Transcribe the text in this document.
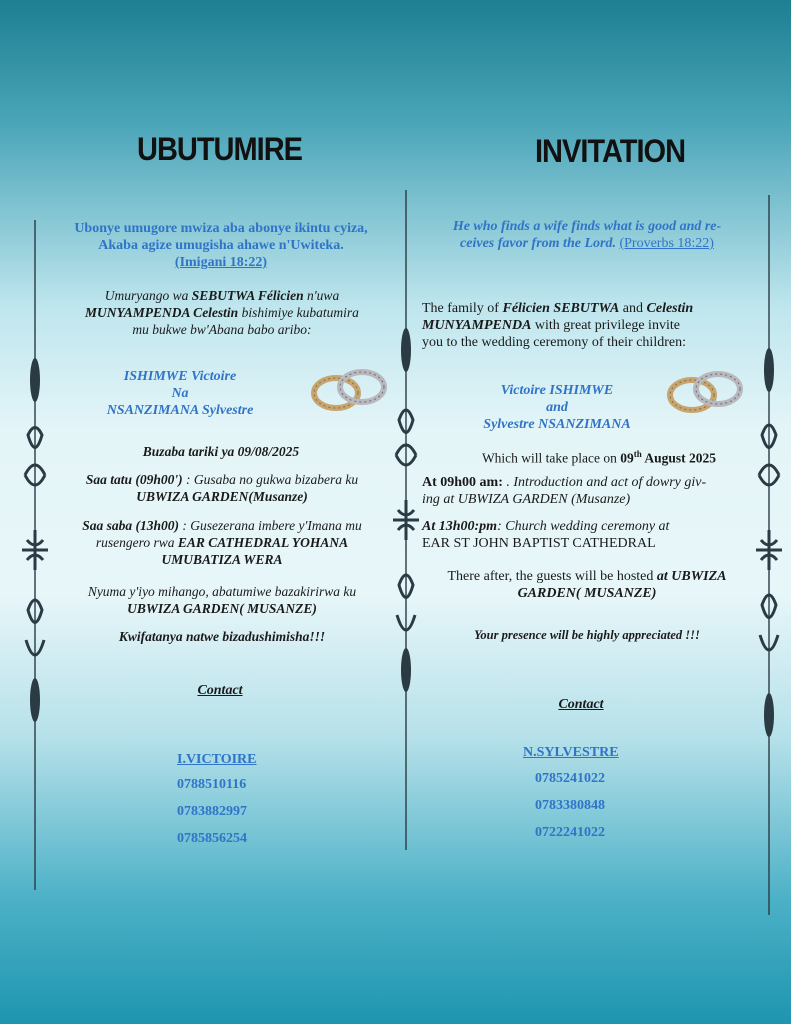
UBUTUMIRE
Ubonye umugore mwiza aba abonye ikintu cyiza,
Akaba agize umugisha ahawe n'Uwiteka.
(Imigani 18:22)
Umuryango wa SEBUTWA Félicien n'uwa
MUNYAMPENDA Celestin bishimiye kubatumira
mu bukwe bw'Abana babo aribo:
ISHIMWE Victoire
Na
NSANZIMANA Sylvestre
Buzaba tariki ya 09/08/2025
Saa tatu (09h00') : Gusaba no gukwa bizabera ku
UBWIZA GARDEN(Musanze)
Saa saba (13h00) : Gusezerana imbere y'Imana mu
rusengero rwa EAR CATHEDRAL YOHANA
UMUBATIZA WERA
Nyuma y'iyo mihango, abatumiwe bazakirirwa ku
UBWIZA GARDEN( MUSANZE)
Kwifatanya natwe bizadushimisha!!!
Contact
I.VICTOIRE
0788510116
0783882997
0785856254
INVITATION
He who finds a wife finds what is good and re-
ceives favor from the Lord. (Proverbs 18:22)
The family of Félicien SEBUTWA and Celestin
MUNYAMPENDA with great privilege invite
you to the wedding ceremony of their children:
Victoire ISHIMWE
and
Sylvestre NSANZIMANA
Which will take place on 09th August 2025
At 09h00 am: . Introduction and act of dowry giv-
ing at UBWIZA GARDEN (Musanze)
At 13h00:pm: Church wedding ceremony at
EAR ST JOHN BAPTIST CATHEDRAL
There after, the guests will be hosted at UBWIZA
GARDEN( MUSANZE)
Your presence will be highly appreciated !!!
Contact
N.SYLVESTRE
0785241022
0783380848
0722241022
